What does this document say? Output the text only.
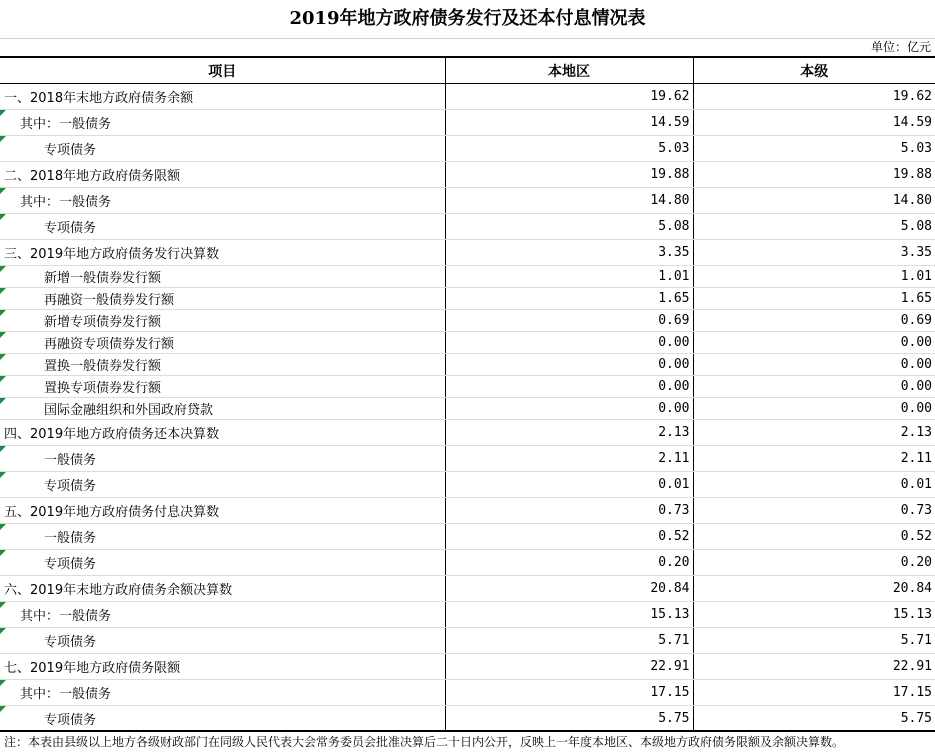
2019年地方政府债务发行及还本付息情况表
单位：亿元
项目	本地区	本级
一、2018年末地方政府债务余额	19.62	19.62

其中：一般债务	14.59	14.59

专项债务	5.03	5.03
二、2018年地方政府债务限额	19.88	19.88

其中：一般债务	14.80	14.80

专项债务	5.08	5.08
三、2019年地方政府债务发行决算数	3.35	3.35

新增一般债券发行额	1.01	1.01

再融资一般债券发行额	1.65	1.65

新增专项债券发行额	0.69	0.69

再融资专项债券发行额	0.00	0.00

置换一般债券发行额	0.00	0.00

置换专项债券发行额	0.00	0.00

国际金融组织和外国政府贷款	0.00	0.00
四、2019年地方政府债务还本决算数	2.13	2.13

一般债务	2.11	2.11

专项债务	0.01	0.01
五、2019年地方政府债务付息决算数	0.73	0.73

一般债务	0.52	0.52

专项债务	0.20	0.20
六、2019年末地方政府债务余额决算数	20.84	20.84

其中：一般债务	15.13	15.13

专项债务	5.71	5.71
七、2019年地方政府债务限额	22.91	22.91

其中：一般债务	17.15	17.15

专项债务	5.75	5.75
注：本表由县级以上地方各级财政部门在同级人民代表大会常务委员会批准决算后二十日内公开，反映上一年度本地区、本级地方政府债务限额及余额决算数。
